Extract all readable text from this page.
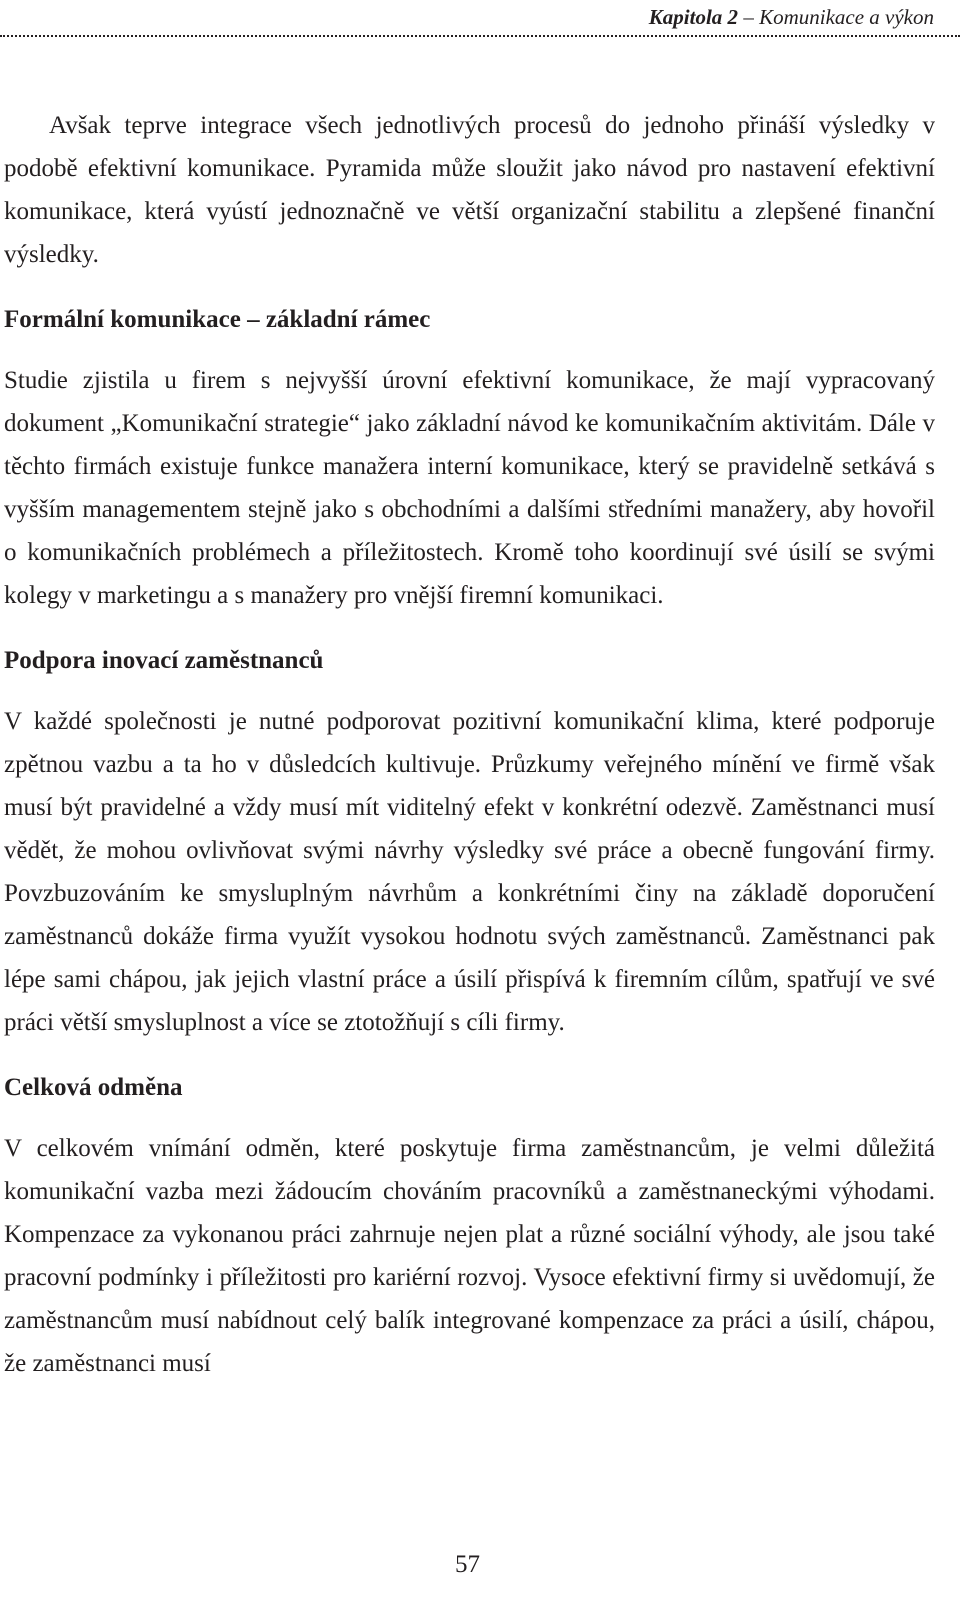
Kapitola 2 – Komunikace a výkon

Avšak teprve integrace všech jednotlivých procesů do jednoho přináší výsledky v podobě efektivní komunikace. Pyramida může sloužit jako návod pro nastavení efektivní komunikace, která vyústí jednoznačně ve větší organizační stabilitu a zlepšené finanční výsledky.

Formální komunikace – základní rámec

Studie zjistila u firem s nejvyšší úrovní efektivní komunikace, že mají vypracovaný dokument „Komunikační strategie“ jako základní návod ke komunikačním aktivitám. Dále v těchto firmách existuje funkce manažera interní komunikace, který se pravidelně setkává s vyšším managementem stejně jako s obchodními a dalšími středními manažery, aby hovořil o komunikačních problémech a příležitostech. Kromě toho koordinují své úsilí se svými kolegy v marketingu a s manažery pro vnější firemní komunikaci.

Podpora inovací zaměstnanců

V každé společnosti je nutné podporovat pozitivní komunikační klima, které podporuje zpětnou vazbu a ta ho v důsledcích kultivuje. Průzkumy veřejného mínění ve firmě však musí být pravidelné a vždy musí mít viditelný efekt v konkrétní odezvě. Zaměstnanci musí vědět, že mohou ovlivňovat svými návrhy výsledky své práce a obecně fungování firmy. Povzbuzováním ke smysluplným návrhům a konkrétními činy na základě doporučení zaměstnanců dokáže firma využít vysokou hodnotu svých zaměstnanců. Zaměstnanci pak lépe sami chápou, jak jejich vlastní práce a úsilí přispívá k firemním cílům, spatřují ve své práci větší smysluplnost a více se ztotožňují s cíli firmy.

Celková odměna

V celkovém vnímání odměn, které poskytuje firma zaměstnancům, je velmi důležitá komunikační vazba mezi žádoucím chováním pracovníků a zaměstnaneckými výhodami. Kompenzace za vykonanou práci zahrnuje nejen plat a různé sociální výhody, ale jsou také pracovní podmínky i příležitosti pro kariérní rozvoj. Vysoce efektivní firmy si uvědomují, že zaměstnancům musí nabídnout celý balík integrované kompenzace za práci a úsilí, chápou, že zaměstnanci musí

57
